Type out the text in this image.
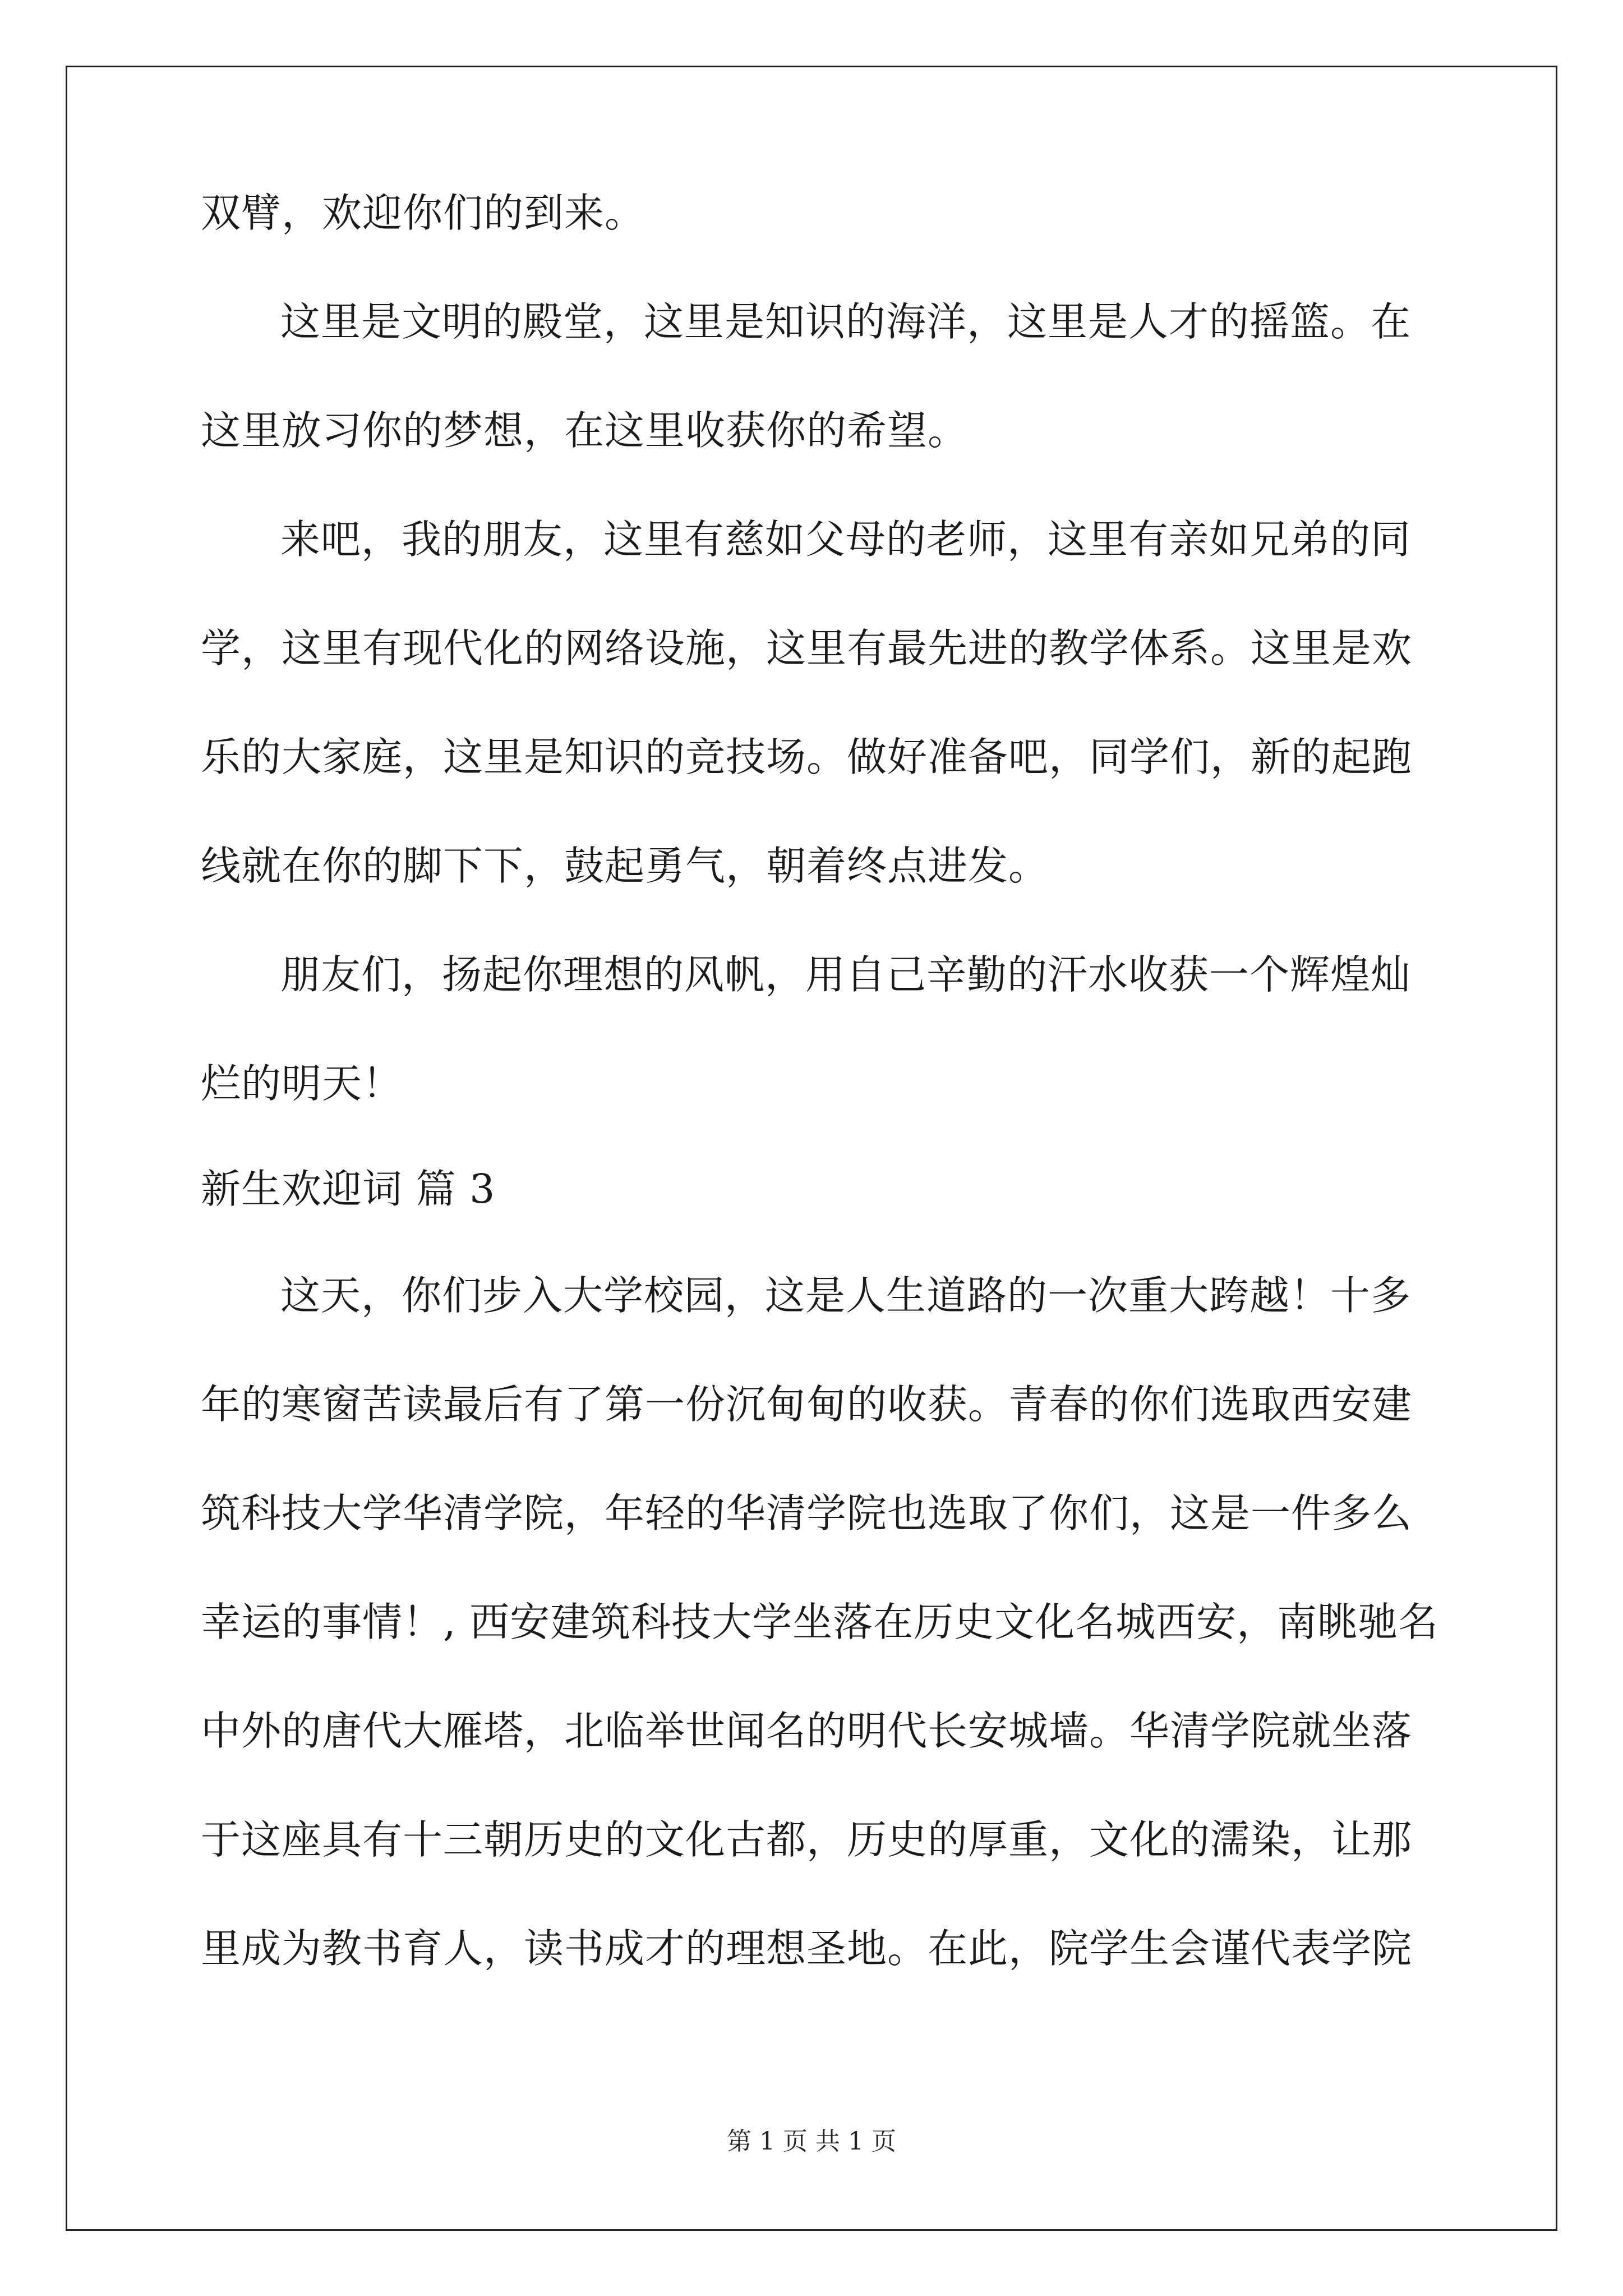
双臂，欢迎你们的到来。
这里是文明的殿堂，这里是知识的海洋，这里是人才的摇篮。在
这里放习你的梦想，在这里收获你的希望。
来吧，我的朋友，这里有慈如父母的老师，这里有亲如兄弟的同
学，这里有现代化的网络设施，这里有最先进的教学体系。这里是欢
乐的大家庭，这里是知识的竞技场。做好准备吧，同学们，新的起跑
线就在你的脚下下，鼓起勇气，朝着终点进发。
朋友们，扬起你理想的风帆，用自己辛勤的汗水收获一个辉煌灿
烂的明天！
新生欢迎词 篇 3
这天，你们步入大学校园，这是人生道路的一次重大跨越！十多
年的寒窗苦读最后有了第一份沉甸甸的收获。青春的你们选取西安建
筑科技大学华清学院，年轻的华清学院也选取了你们，这是一件多么
幸运的事情！, 西安建筑科技大学坐落在历史文化名城西安，南眺驰名
中外的唐代大雁塔，北临举世闻名的明代长安城墙。华清学院就坐落
于这座具有十三朝历史的文化古都，历史的厚重，文化的濡染，让那
里成为教书育人，读书成才的理想圣地。在此，院学生会谨代表学院
第 1 页 共 1 页
